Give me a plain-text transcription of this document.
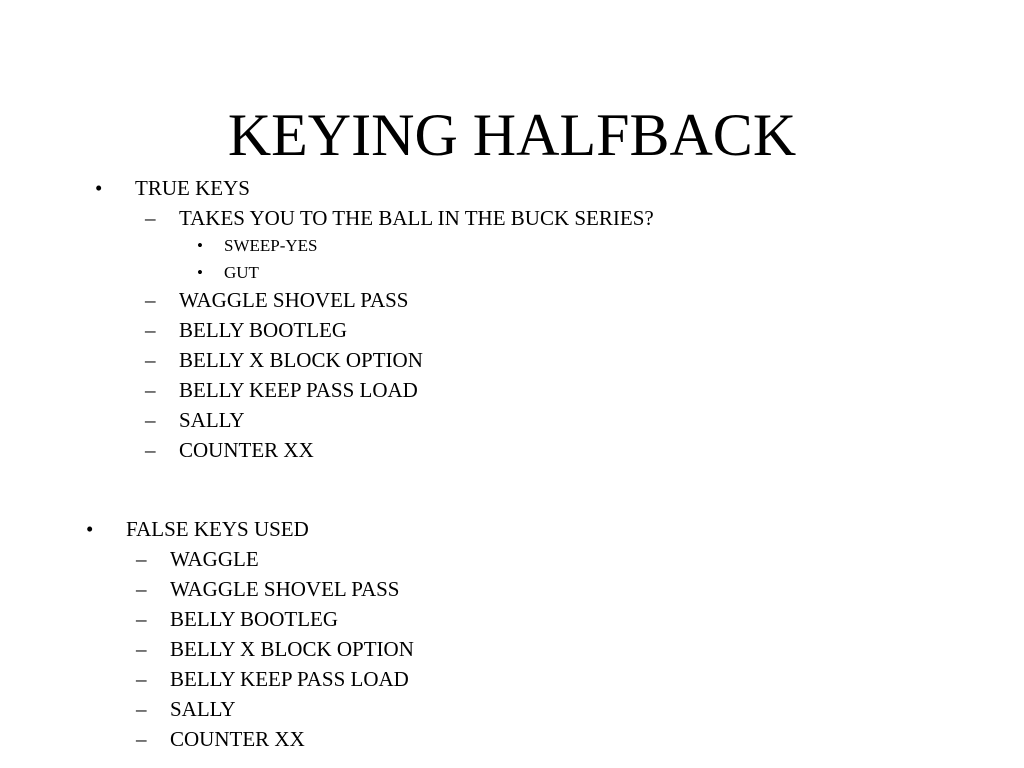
KEYING HALFBACK
• TRUE KEYS
– TAKES YOU TO THE BALL IN THE BUCK SERIES?
• SWEEP-YES
• GUT
– WAGGLE SHOVEL PASS
– BELLY BOOTLEG
– BELLY X BLOCK OPTION
– BELLY KEEP PASS LOAD
– SALLY
– COUNTER XX
• FALSE KEYS USED
– WAGGLE
– WAGGLE SHOVEL PASS
– BELLY BOOTLEG
– BELLY X BLOCK OPTION
– BELLY KEEP PASS LOAD
– SALLY
– COUNTER XX
